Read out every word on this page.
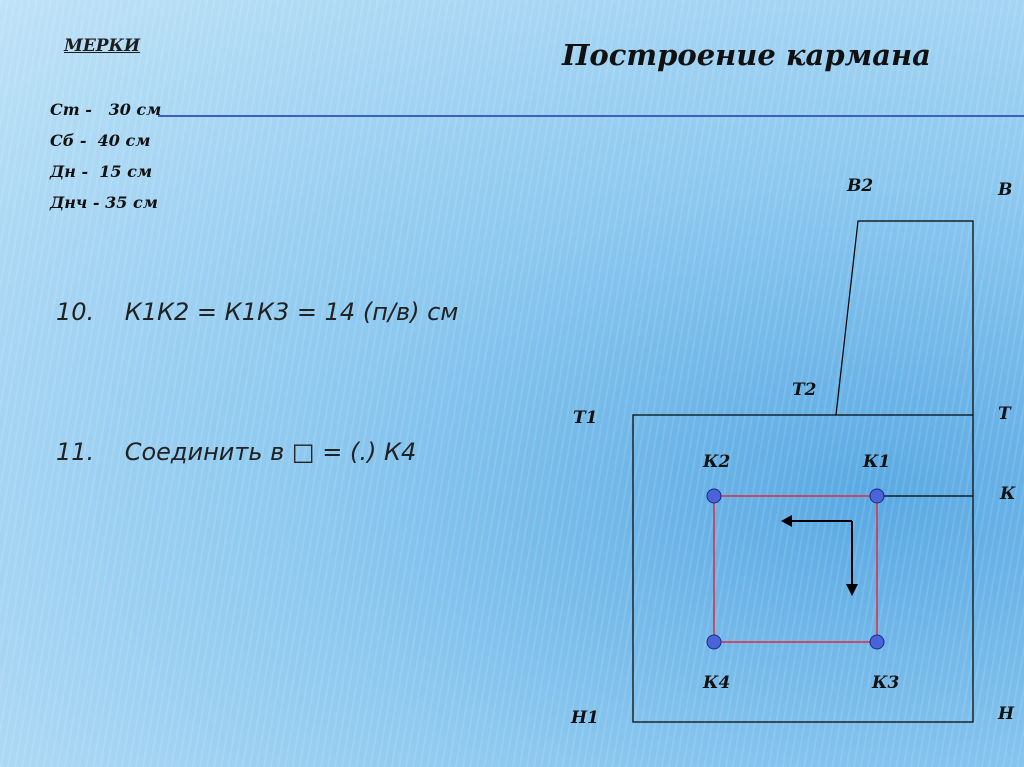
МЕРКИ	Построение кармана
Ст - 30 см
Сб - 40 см
Дн - 15 см
Днч - 35 см
10. К1К2 = К1К3 = 14 (п/в) см
11. Соединить в □ = (.) К4
В2	В
Т2
Т1	Т
К2	К1
К
К4	К3
Н1	Н
